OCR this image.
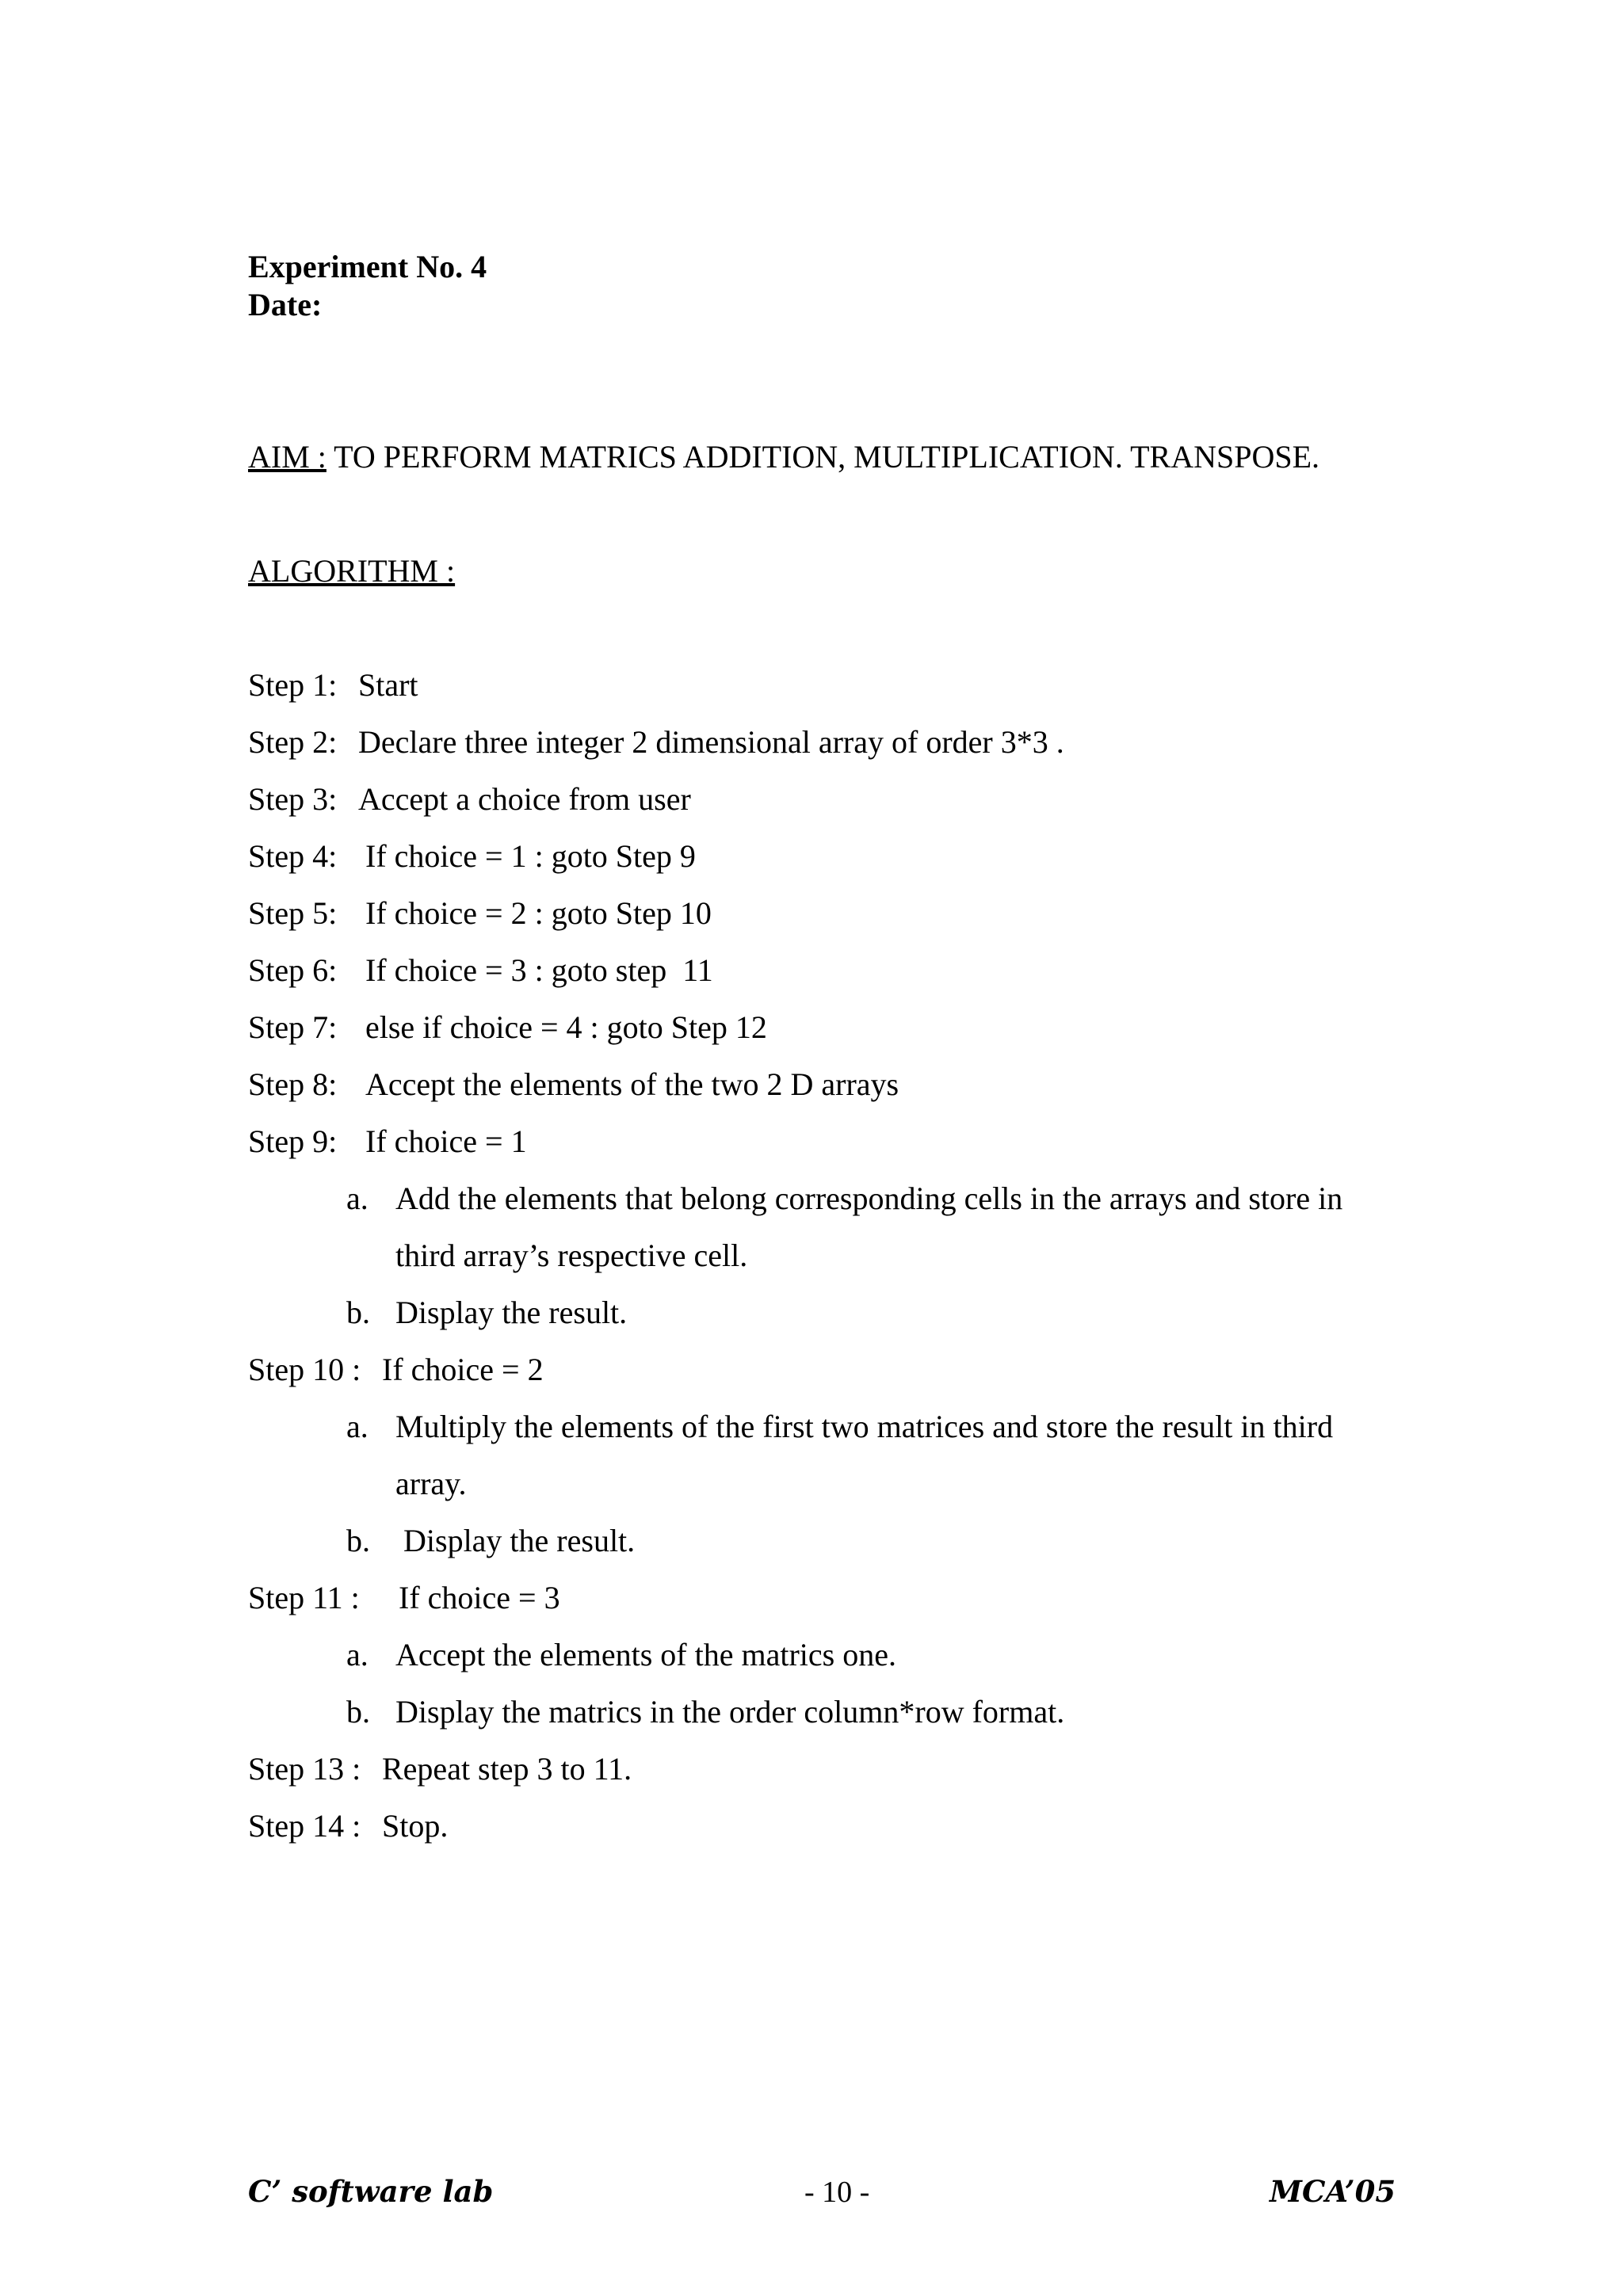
Experiment No. 4
Date:
AIM : TO PERFORM MATRICS ADDITION, MULTIPLICATION. TRANSPOSE.
ALGORITHM :
Step 1: Start
Step 2: Declare three integer 2 dimensional array of order 3*3 .
Step 3: Accept a choice from user
Step 4: If choice = 1 : goto Step 9
Step 5: If choice = 2 : goto Step 10
Step 6: If choice = 3 : goto step  11
Step 7: else if choice = 4 : goto Step 12
Step 8: Accept the elements of the two 2 D arrays
Step 9: If choice = 1
a. Add the elements that belong corresponding cells in the arrays and store in
third array’s respective cell.
b. Display the result.
Step 10 : If choice = 2
a. Multiply the elements of the first two matrices and store the result in third
array.
b. Display the result.
Step 11 : If choice = 3
a. Accept the elements of the matrics one.
b. Display the matrics in the order column*row format.
Step 13 : Repeat step 3 to 11.
Step 14 : Stop.
C’ software lab	- 10 -	MCA’05
